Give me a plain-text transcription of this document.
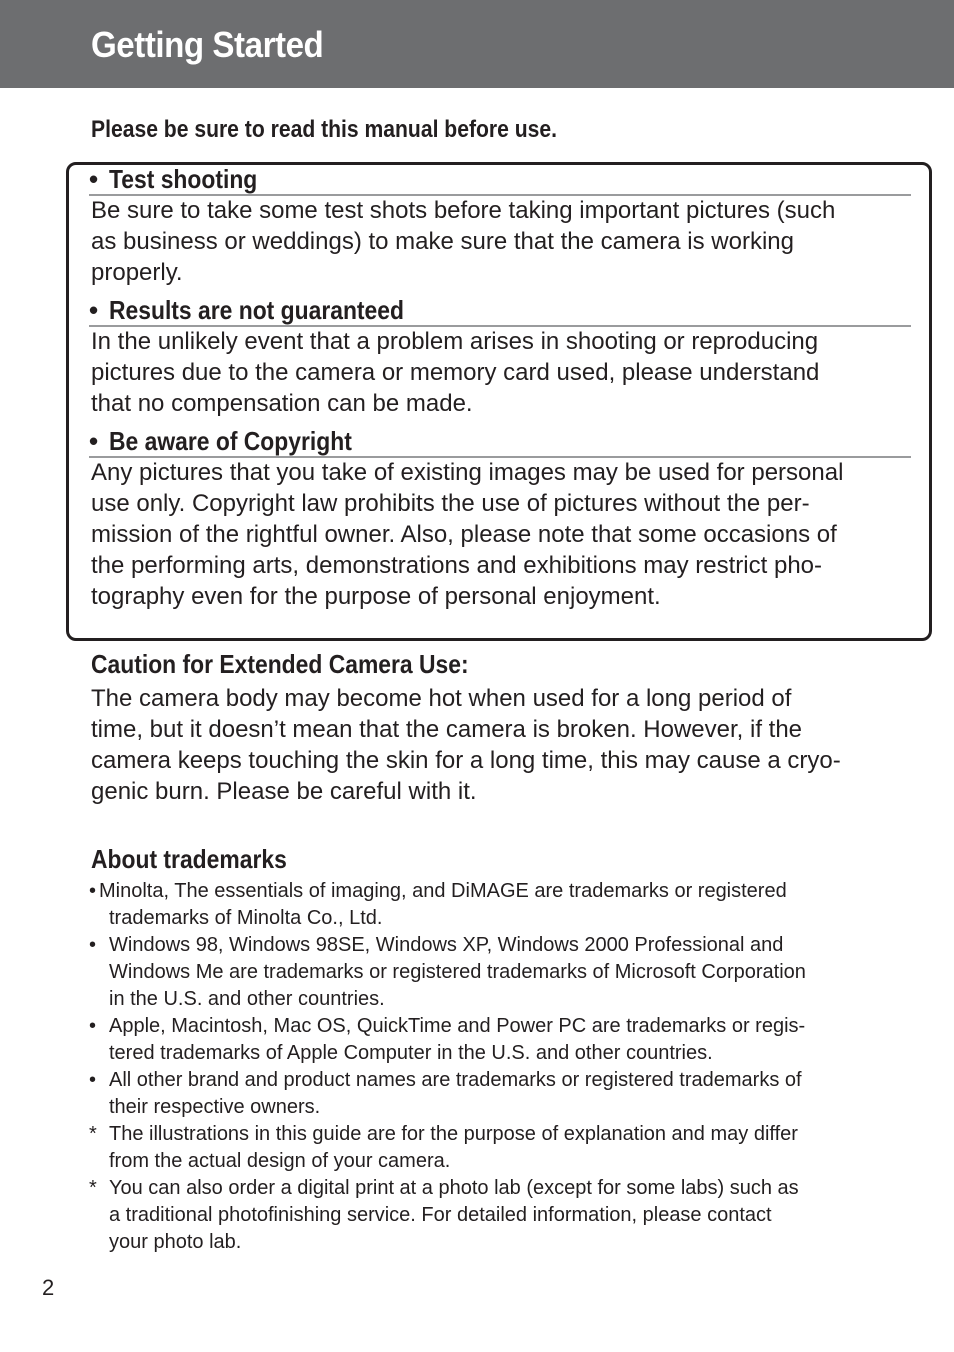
Getting Started

Please be sure to read this manual before use.

• Test shooting

Be sure to take some test shots before taking important pictures (such
as business or weddings) to make sure that the camera is working
properly.

• Results are not guaranteed

In the unlikely event that a problem arises in shooting or reproducing
pictures due to the camera or memory card used, please understand
that no compensation can be made.

• Be aware of Copyright

Any pictures that you take of existing images may be used for personal
use only. Copyright law prohibits the use of pictures without the per-
mission of the rightful owner. Also, please note that some occasions of
the performing arts, demonstrations and exhibitions may restrict pho-
tography even for the purpose of personal enjoyment.

Caution for Extended Camera Use:

The camera body may become hot when used for a long period of
time, but it doesn’t mean that the camera is broken. However, if the
camera keeps touching the skin for a long time, this may cause a cryo-
genic burn. Please be careful with it.

About trademarks
• Minolta, The essentials of imaging, and DiMAGE are trademarks or registered
trademarks of Minolta Co., Ltd.
• Windows 98, Windows 98SE, Windows XP, Windows 2000 Professional and
Windows Me are trademarks or registered trademarks of Microsoft Corporation
in the U.S. and other countries.
• Apple, Macintosh, Mac OS, QuickTime and Power PC are trademarks or regis-
tered trademarks of Apple Computer in the U.S. and other countries.
• All other brand and product names are trademarks or registered trademarks of
their respective owners.
* The illustrations in this guide are for the purpose of explanation and may differ
from the actual design of your camera.
* You can also order a digital print at a photo lab (except for some labs) such as
a traditional photofinishing service. For detailed information, please contact
your photo lab.
2
